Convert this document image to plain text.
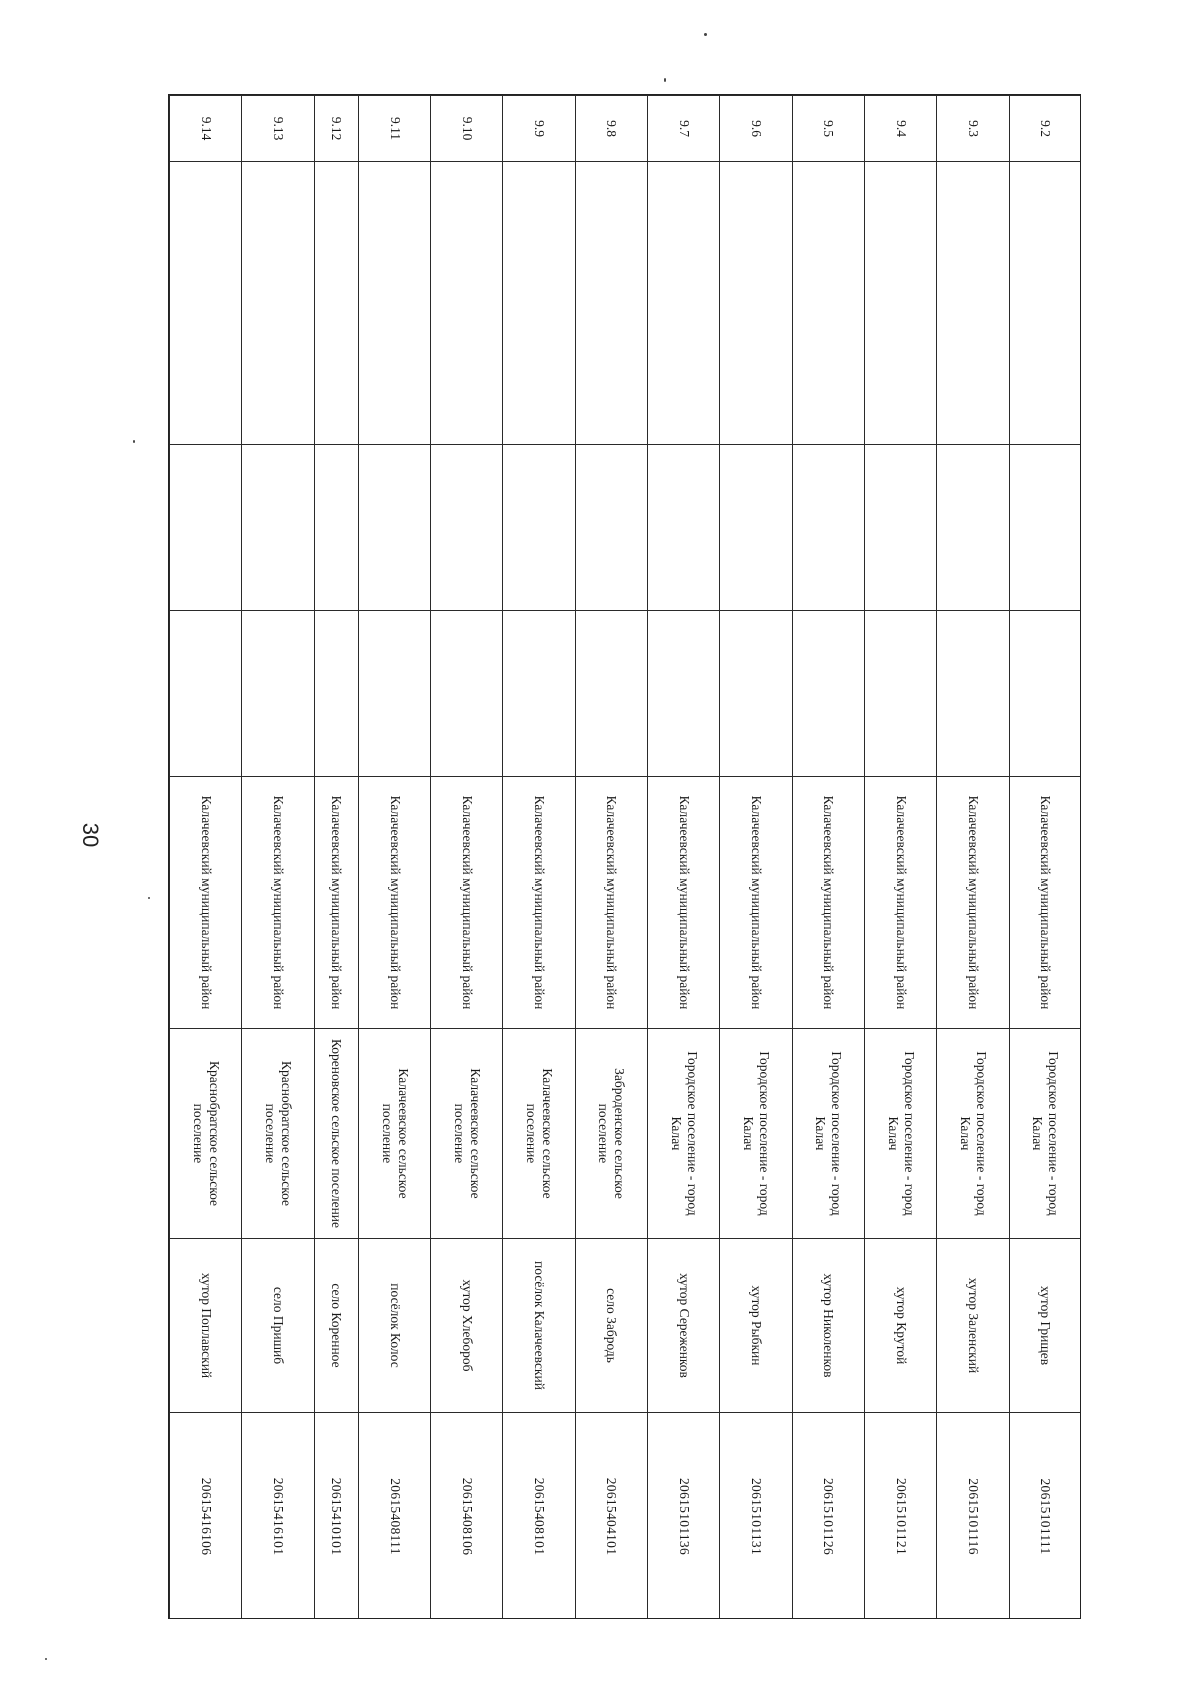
30
9.2				Калачеевский муниципальный район	Городское поселение - город Калач	хутор Грищев	20615101111
9.3				Калачеевский муниципальный район	Городское поселение - город Калач	хутор Заленский	20615101116
9.4				Калачеевский муниципальный район	Городское поселение - город Калач	хутор Крутой	20615101121
9.5				Калачеевский муниципальный район	Городское поселение - город Калач	хутор Николенков	20615101126
9.6				Калачеевский муниципальный район	Городское поселение - город Калач	хутор Рыбкин	20615101131
9.7				Калачеевский муниципальный район	Городское поселение - город Калач	хутор Сереженков	20615101136
9.8				Калачеевский муниципальный район	Заброденское сельское поселение	село Забродь	20615404101
9.9				Калачеевский муниципальный район	Калачеевское сельское поселение	посёлок Калачеевский	20615408101
9.10				Калачеевский муниципальный район	Калачеевское сельское поселение	хутор Хлебороб	20615408106
9.11				Калачеевский муниципальный район	Калачеевское сельское поселение	посёлок Колос	20615408111
9.12				Калачеевский муниципальный район	Кореновское сельское поселение	село Коренное	20615410101
9.13				Калачеевский муниципальный район	Краснобратское сельское поселение	село Пришиб	20615416101
9.14				Калачеевский муниципальный район	Краснобратское сельское поселение	хутор Поплавский	20615416106
